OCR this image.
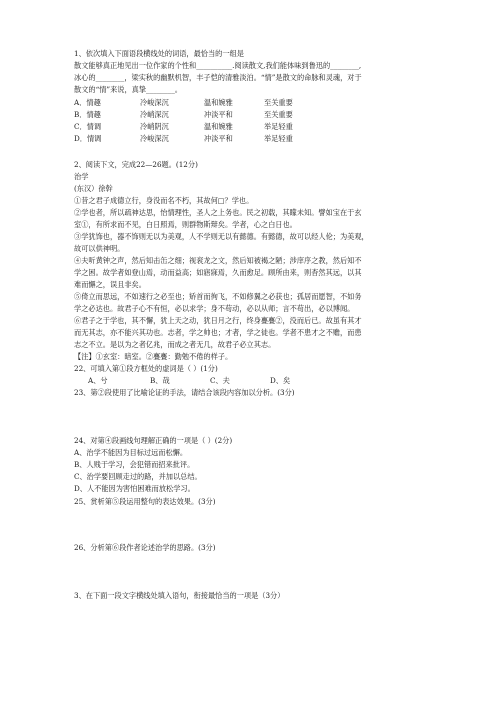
1、依次填入下面语段横线处的词语，最恰当的一组是
散文能够真正地见出一位作家的个性和__________.阅读散文,我们能体味到鲁迅的________,
冰心的________，梁实秋的幽默机智，丰子恺的清雅淡泊。“情”是散文的命脉和灵魂，对于
散文的“情”来说，真挚________。
A．情趣	冷峻深沉	温和婉雅	至关重要
B．情趣	冷峭深沉	冲淡平和	至关重要
C．情调	冷峭阴沉	温和婉雅	举足轻重
D．情调	冷峻深沉	冲淡平和	举足轻重
2、阅读下文，完成22—26题。(12分)
治学
(东汉）徐幹
①昔之君子成德立行，身没而名不朽，其故何□？学也。
②学也者，所以疏神达思，怡情理性，圣人之上务也。民之初载，其矇未知。譬如宝在于玄
室①，有所求而不见，白日照焉，则群物斯辩矣。学者，心之白日也。
③学犹饰也，器不饰则无以为美观，人不学则无以有懿德。有懿德，故可以经人伦；为美观，
故可以供神明。
④夫听黄钟之声，然后知击缶之细；视衮龙之文，然后知被褐之陋；涉庠序之教，然后知不
学之困。故学者如登山焉，动而益高；如寤寐焉，久而愈足。顾所由来，则杳然其远，以其
难而懈之，误且非矣。
⑤倚立而思远，不如速行之必至也；矫首而徇飞，不如修翼之必获也；孤居而愿智，不如务
学之必达也。故君子心不有恒，必以求学；身不苟动，必以从师；言不苟出，必以博闻。
⑥君子之于学也，其不懈，犹上天之动，犹日月之行，终身亹亹②，没而后已。故虽有其才
而无其志，亦不能兴其功也。志者，学之帅也；才者，学之徒也。学者不患才之不赡，而患
志之不立。是以为之者亿兆，而成之者无几，故君子必立其志。
【注】①玄室：暗室。②亹亹：勤勉不倦的样子。
22、可填入第①段方框处的虚词是（ ）(1分)
A、兮	B、哉	C、夫	D、矣
23、第②段使用了比喻论证的手法，请结合该段内容加以分析。(3分)
24、对第④段画线句理解正确的一项是（ ）(2分)
A、治学不能因为目标过远而松懈。
B、人贱于学习，会犯错而招来批评。
C、治学要回顾走过的路，并加以总结。
D、人不能因为害怕困难而放松学习。
25、赏析第⑤段运用整句的表达效果。(3分)
26、分析第⑥段作者论述治学的思路。(3分)
3、在下面一段文字横线处填入语句，衔接最恰当的一项是（3分）
